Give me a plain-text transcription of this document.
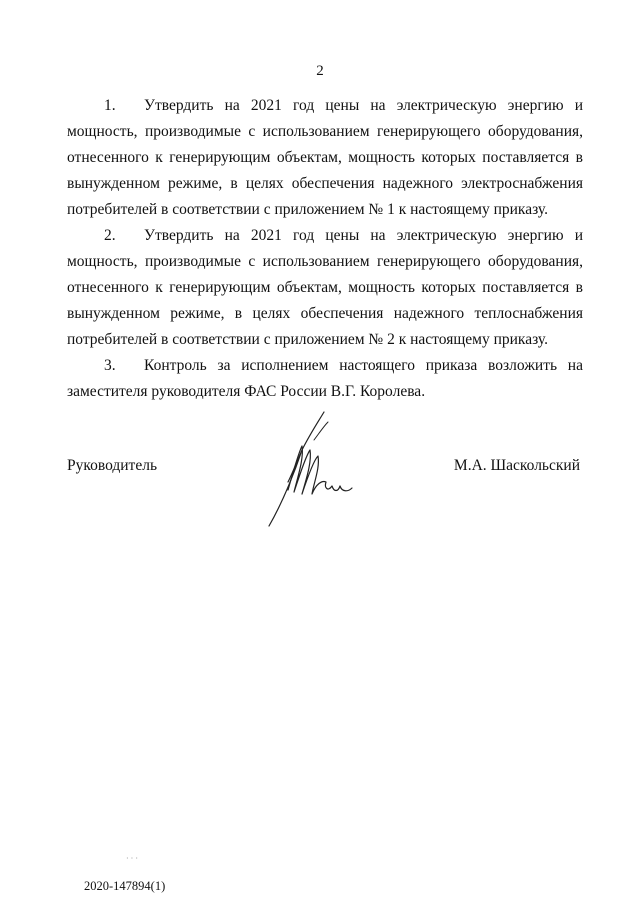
2

1. Утвердить на 2021 год цены на электрическую энергию и мощность, производимые с использованием генерирующего оборудования, отнесенного к генерирующим объектам, мощность которых поставляется в вынужденном режиме, в целях обеспечения надежного электроснабжения потребителей в соответствии с приложением № 1 к настоящему приказу.

2. Утвердить на 2021 год цены на электрическую энергию и мощность, производимые с использованием генерирующего оборудования, отнесенного к генерирующим объектам, мощность которых поставляется в вынужденном режиме, в целях обеспечения надежного теплоснабжения потребителей в соответствии с приложением № 2 к настоящему приказу.

3. Контроль за исполнением настоящего приказа возложить на заместителя руководителя ФАС России В.Г. Королева.

Руководитель	М.А. Шаскольский
· · ·
2020-147894(1)
